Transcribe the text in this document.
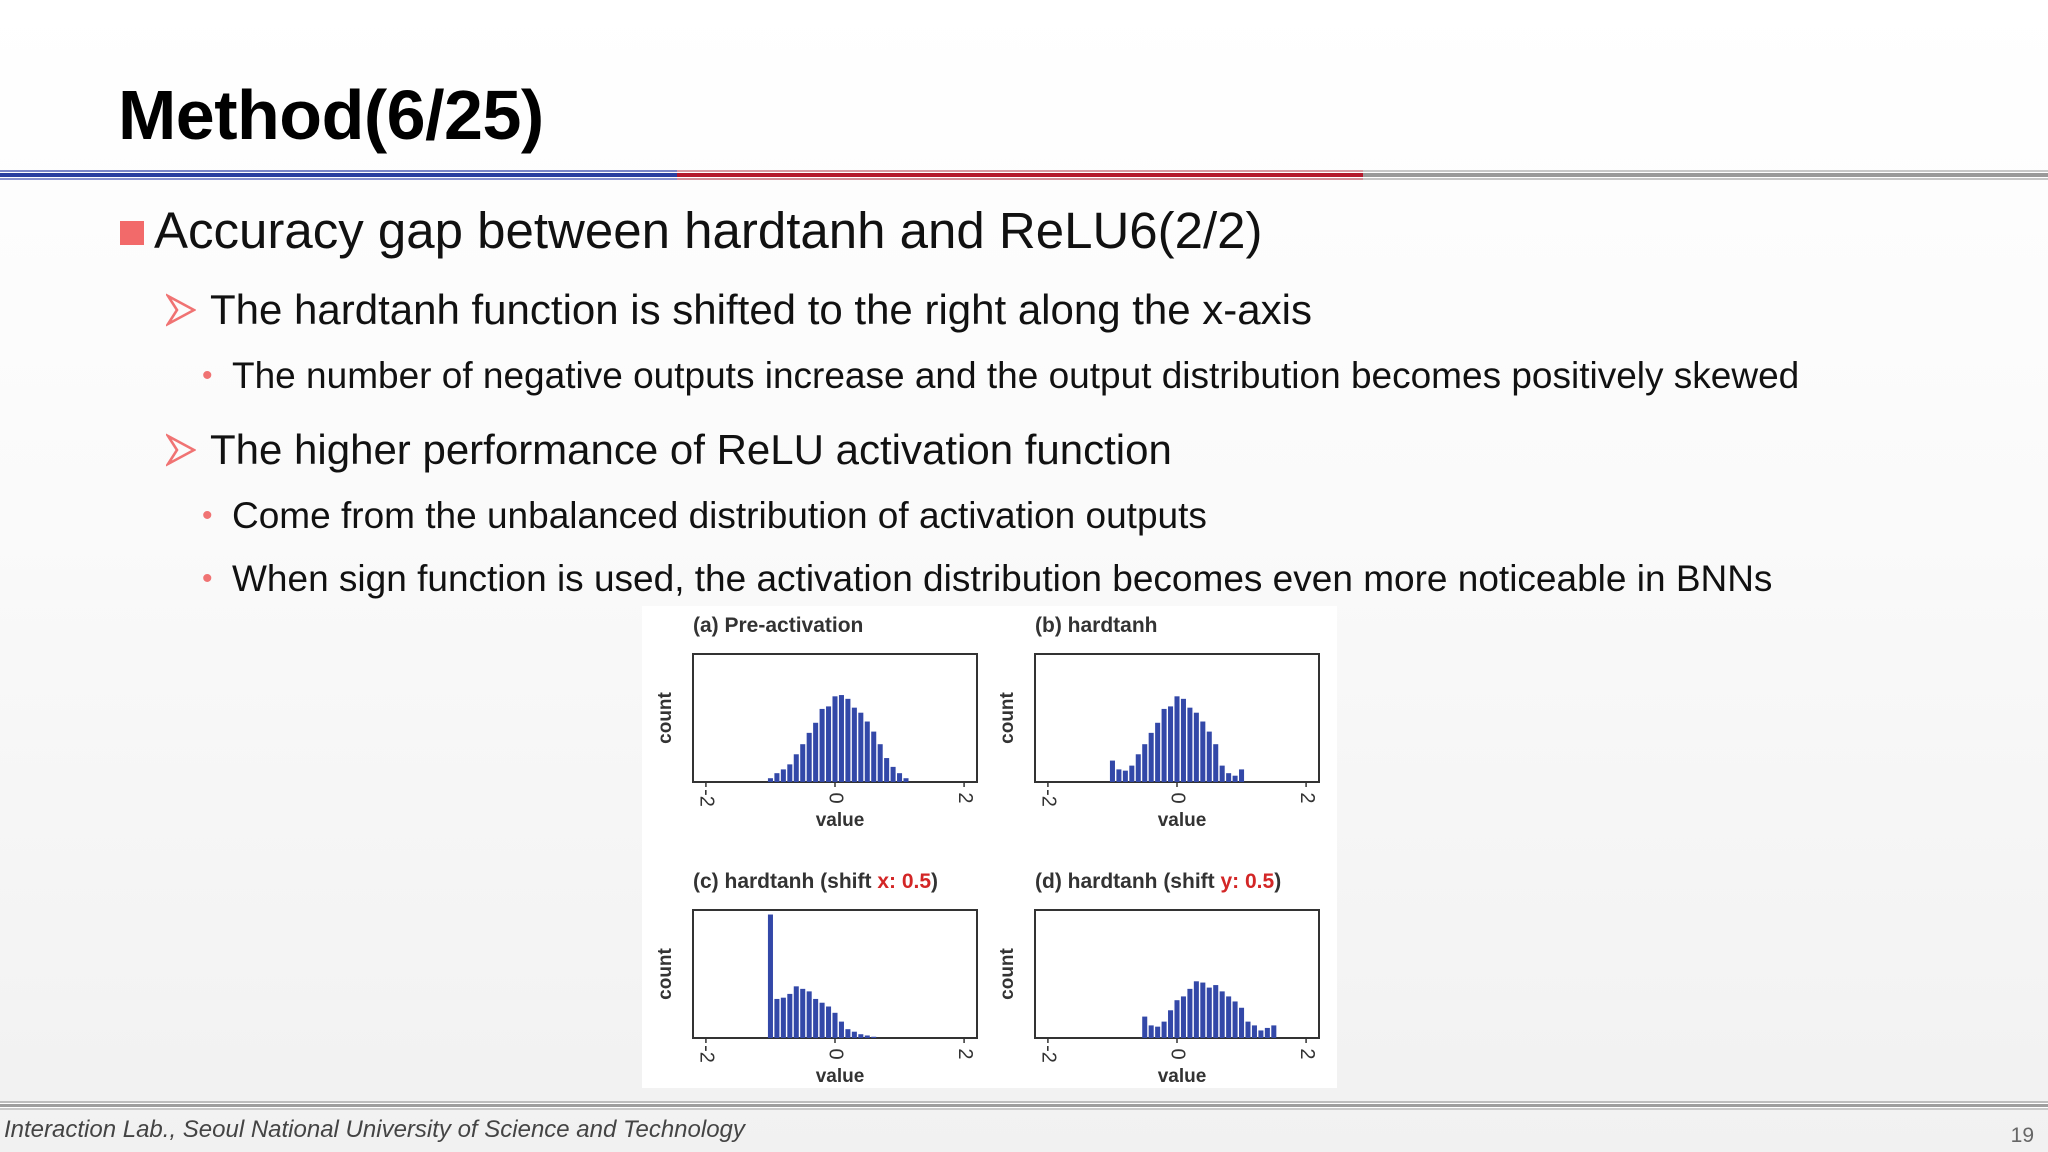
Method(6/25)
Accuracy gap between hardtanh and ReLU6(2/2)
The hardtanh function is shifted to the right along the x-axis
• The number of negative outputs increase and the output distribution becomes positively skewed
The higher performance of ReLU activation function
• Come from the unbalanced distribution of activation outputs
• When sign function is used, the activation distribution becomes even more noticeable in BNNs
(a) Pre-activation
-2	0	2
value
count
(b) hardtanh
-2	0	2
value
count
(c) hardtanh (shift x: 0.5)
-2	0	2
value
count
(d) hardtanh (shift y: 0.5)
-2	0	2
value
count
Interaction Lab., Seoul National University of Science and Technology	19
